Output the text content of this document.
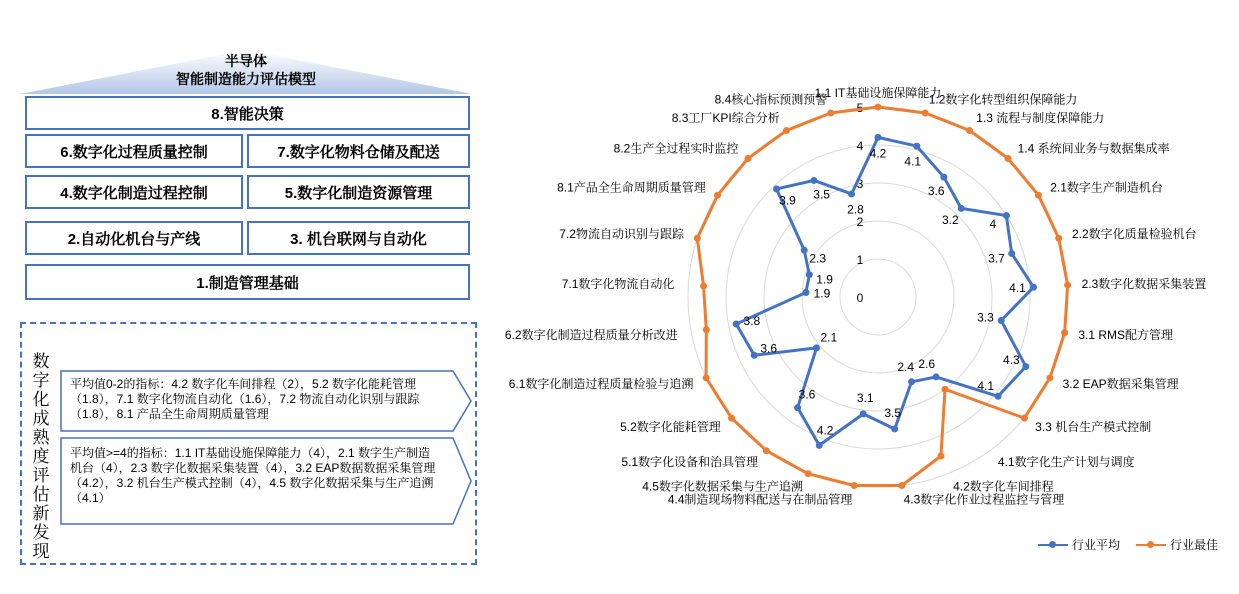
半导体
智能制造能力评估模型
8.智能决策
6.数字化过程质量控制	7.数字化物料仓储及配送
4.数字化制造过程控制	5.数字化制造资源管理
2.自动化机台与产线	3. 机台联网与自动化
1.制造管理基础
数字化成熟度评估新发现
平均值0-2的指标：4.2 数字化车间排程（2），5.2 数字化能耗管理（1.8），7.1 数字化物流自动化（1.6），7.2 物流自动化识别与跟踪（1.8），8.1 产品全生命周期质量管理
平均值>=4的指标：1.1 IT基础设施保障能力（4），2.1 数字生产制造机台（4），2.3 数字化数据采集装置（4），3.2 EAP数据数据采集管理（4.2），3.2 机台生产模式控制（4），4.5 数字化数据采集与生产追溯（4.1）
0
1
2
3
4
5
4.2
4.1
3.6
3.2	4
3.7
4.1
3.3
4.3
4.1
2.6
2.4
3.5
3.1
4.2
3.6
2.1
3.6
3.8
1.9
1.9
2.3
3.9 3.5
2.8
1.1 IT基础设施保障能力
1.2数字化转型组织保障能力
1.3 流程与制度保障能力
1.4 系统间业务与数据集成率
2.1数字生产制造机台
2.2数字化质量检验机台
2.3数字化数据采集装置
3.1 RMS配方管理
3.2 EAP数据采集管理
3.3 机台生产模式控制
4.1数字化生产计划与调度
4.2数字化车间排程
4.3数字化作业过程监控与管理
4.4制造现场物料配送与在制品管理
4.5数字化数据采集与生产追溯
5.1数字化设备和治具管理
5.2数字化能耗管理
6.1数字化制造过程质量检验与追溯
6.2数字化制造过程质量分析改进
7.1数字化物流自动化
7.2物流自动识别与跟踪
8.1产品全生命周期质量管理
8.2生产全过程实时监控
8.3工厂KPI综合分析
8.4核心指标预测预警
行业平均	行业最佳
